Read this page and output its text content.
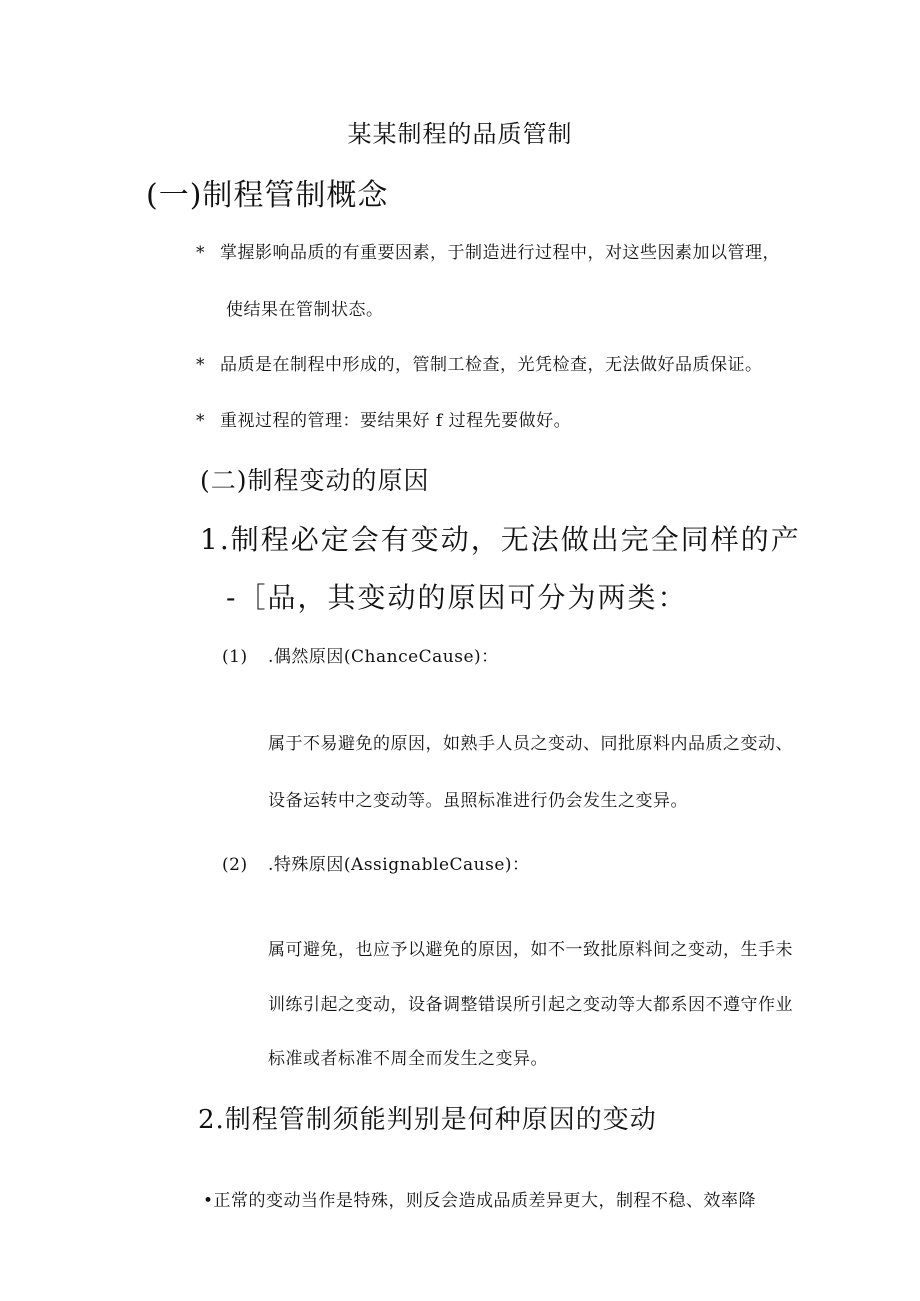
某某制程的品质管制
(一)制程管制概念
* 掌握影响品质的有重要因素，于制造进行过程中，对这些因素加以管理，
使结果在管制状态。
* 品质是在制程中形成的，管制工检查，光凭检查，无法做好品质保证。
* 重视过程的管理：要结果好 f 过程先要做好。
(二)制程变动的原因
1.制程必定会有变动，无法做出完全同样的产
-［品，其变动的原因可分为两类：
(1) .偶然原因(ChanceCause)：
属于不易避免的原因，如熟手人员之变动、同批原料内品质之变动、
设备运转中之变动等。虽照标准进行仍会发生之变异。
(2) .特殊原因(AssignableCause)：
属可避免，也应予以避免的原因，如不一致批原料间之变动，生手未
训练引起之变动，设备调整错误所引起之变动等大都系因不遵守作业
标准或者标准不周全而发生之变异。
2.制程管制须能判别是何种原因的变动
•正常的变动当作是特殊，则反会造成品质差异更大，制程不稳、效率降
